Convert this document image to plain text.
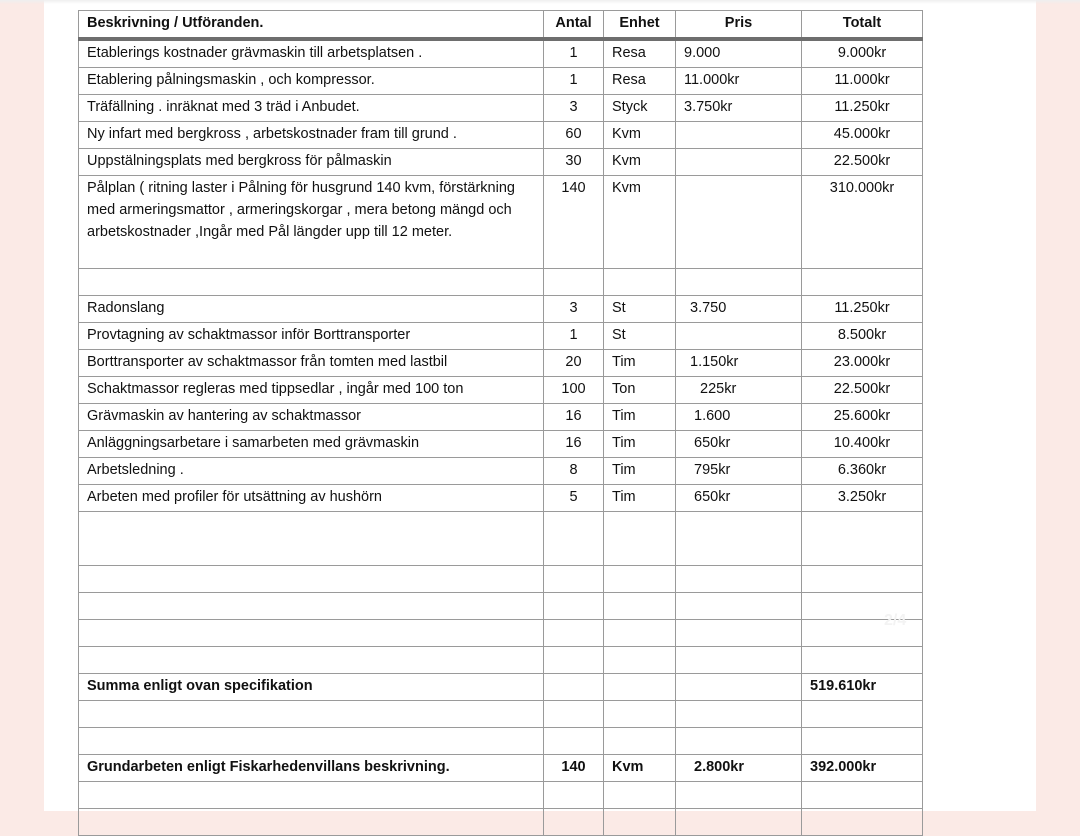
Beskrivning / Utföranden.	Antal	Enhet	Pris	Totalt
Etablerings kostnader grävmaskin till arbetsplatsen .	1	Resa	9.000	9.000kr
Etablering pålningsmaskin , och kompressor.	1	Resa	11.000kr	11.000kr
Träfällning . inräknat med 3 träd i Anbudet.	3	Styck	3.750kr	11.250kr
Ny infart med bergkross , arbetskostnader fram till grund .	60	Kvm		45.000kr
Uppstälningsplats med bergkross för pålmaskin	30	Kvm		22.500kr
Pålplan ( ritning laster i Pålning för husgrund 140 kvm, förstärkning med armeringsmattor , armeringskorgar , mera betong mängd och arbetskostnader ,Ingår med Pål längder upp till 12 meter.	140	Kvm		310.000kr

Radonslang	3	St	3.750	11.250kr
Provtagning av schaktmassor inför Borttransporter	1	St		8.500kr
Borttransporter av schaktmassor från tomten med lastbil	20	Tim	1.150kr	23.000kr
Schaktmassor regleras med tippsedlar , ingår med 100 ton	100	Ton	225kr	22.500kr
Grävmaskin av hantering av schaktmassor	16	Tim	1.600	25.600kr
Anläggningsarbetare i samarbeten med grävmaskin	16	Tim	650kr	10.400kr
Arbetsledning .	8	Tim	795kr	6.360kr
Arbeten med profiler för utsättning av hushörn	5	Tim	650kr	3.250kr

Summa enligt ovan specifikation				519.610kr

Grundarbeten enligt Fiskarhedenvillans beskrivning.	140	Kvm	2.800kr	392.000kr

2/4
